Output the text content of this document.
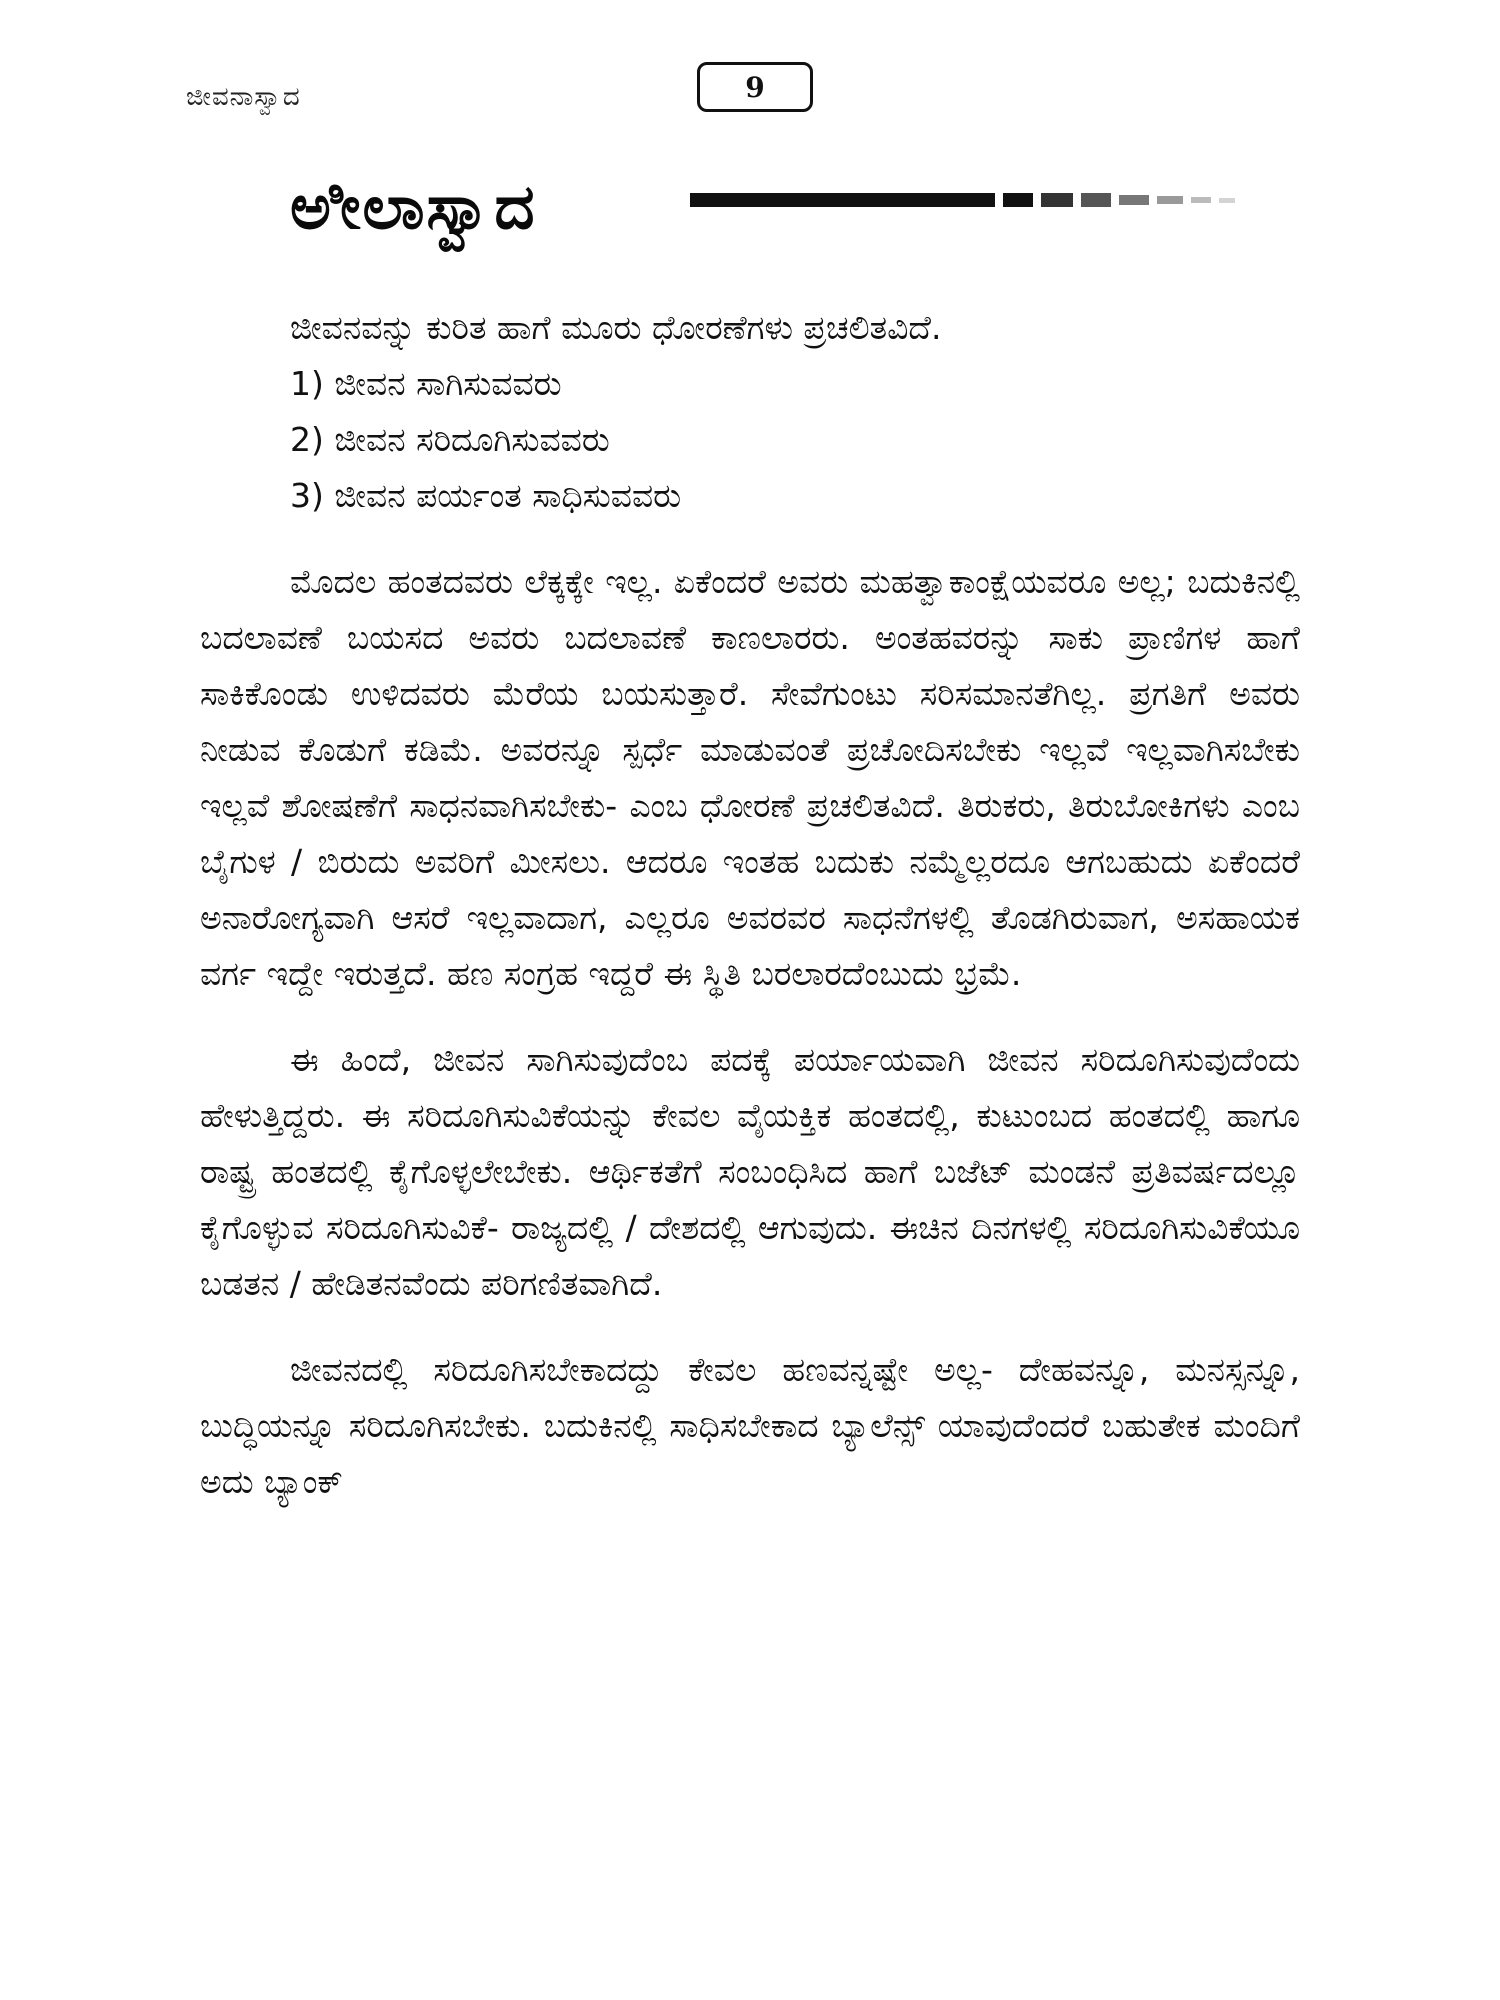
ಜೀವನಾಸ್ವಾದ	9
ಅೀಲಾಸ್ವಾದ

ಜೀವನವನ್ನು ಕುರಿತ ಹಾಗೆ ಮೂರು ಧೋರಣೆಗಳು ಪ್ರಚಲಿತವಿದೆ.

1) ಜೀವನ ಸಾಗಿಸುವವರು
2) ಜೀವನ ಸರಿದೂಗಿಸುವವರು
3) ಜೀವನ ಪರ್ಯಂತ ಸಾಧಿಸುವವರು

ಮೊದಲ ಹಂತದವರು ಲೆಕ್ಕಕ್ಕೇ ಇಲ್ಲ. ಏಕೆಂದರೆ ಅವರು ಮಹತ್ವಾಕಾಂಕ್ಷೆಯವರೂ ಅಲ್ಲ; ಬದುಕಿನಲ್ಲಿ ಬದಲಾವಣೆ ಬಯಸದ ಅವರು ಬದಲಾವಣೆ ಕಾಣಲಾರರು. ಅಂತಹವರನ್ನು ಸಾಕು ಪ್ರಾಣಿಗಳ ಹಾಗೆ ಸಾಕಿಕೊಂಡು ಉಳಿದವರು ಮೆರೆಯ ಬಯಸುತ್ತಾರೆ. ಸೇವೆಗುಂಟು ಸರಿಸಮಾನತೆಗಿಲ್ಲ. ಪ್ರಗತಿಗೆ ಅವರು ನೀಡುವ ಕೊಡುಗೆ ಕಡಿಮೆ. ಅವರನ್ನೂ ಸ್ಪರ್ಧೆ ಮಾಡುವಂತೆ ಪ್ರಚೋದಿಸಬೇಕು ಇಲ್ಲವೆ ಇಲ್ಲವಾಗಿಸಬೇಕು ಇಲ್ಲವೆ ಶೋಷಣೆಗೆ ಸಾಧನವಾಗಿಸಬೇಕು- ಎಂಬ ಧೋರಣೆ ಪ್ರಚಲಿತವಿದೆ. ತಿರುಕರು, ತಿರುಬೋಕಿಗಳು ಎಂಬ ಬೈಗುಳ / ಬಿರುದು ಅವರಿಗೆ ಮೀಸಲು. ಆದರೂ ಇಂತಹ ಬದುಕು ನಮ್ಮೆಲ್ಲರದೂ ಆಗಬಹುದು ಏಕೆಂದರೆ ಅನಾರೋಗ್ಯವಾಗಿ ಆಸರೆ ಇಲ್ಲವಾದಾಗ, ಎಲ್ಲರೂ ಅವರವರ ಸಾಧನೆಗಳಲ್ಲಿ ತೊಡಗಿರುವಾಗ, ಅಸಹಾಯಕ ವರ್ಗ ಇದ್ದೇ ಇರುತ್ತದೆ. ಹಣ ಸಂಗ್ರಹ ಇದ್ದರೆ ಈ ಸ್ಥಿತಿ ಬರಲಾರದೆಂಬುದು ಭ್ರಮೆ.

ಈ ಹಿಂದೆ, ಜೀವನ ಸಾಗಿಸುವುದೆಂಬ ಪದಕ್ಕೆ ಪರ್ಯಾಯವಾಗಿ ಜೀವನ ಸರಿದೂಗಿಸುವುದೆಂದು ಹೇಳುತ್ತಿದ್ದರು. ಈ ಸರಿದೂಗಿಸುವಿಕೆಯನ್ನು ಕೇವಲ ವೈಯಕ್ತಿಕ ಹಂತದಲ್ಲಿ, ಕುಟುಂಬದ ಹಂತದಲ್ಲಿ ಹಾಗೂ ರಾಷ್ಟ್ರ ಹಂತದಲ್ಲಿ ಕೈಗೊಳ್ಳಲೇಬೇಕು. ಆರ್ಥಿಕತೆಗೆ ಸಂಬಂಧಿಸಿದ ಹಾಗೆ ಬಜೆಟ್ ಮಂಡನೆ ಪ್ರತಿವರ್ಷದಲ್ಲೂ ಕೈಗೊಳ್ಳುವ ಸರಿದೂಗಿಸುವಿಕೆ- ರಾಜ್ಯದಲ್ಲಿ / ದೇಶದಲ್ಲಿ ಆಗುವುದು. ಈಚಿನ ದಿನಗಳಲ್ಲಿ ಸರಿದೂಗಿಸುವಿಕೆಯೂ ಬಡತನ / ಹೇಡಿತನವೆಂದು ಪರಿಗಣಿತವಾಗಿದೆ.

ಜೀವನದಲ್ಲಿ ಸರಿದೂಗಿಸಬೇಕಾದದ್ದು ಕೇವಲ ಹಣವನ್ನಷ್ಟೇ ಅಲ್ಲ- ದೇಹವನ್ನೂ, ಮನಸ್ಸನ್ನೂ, ಬುದ್ಧಿಯನ್ನೂ ಸರಿದೂಗಿಸಬೇಕು. ಬದುಕಿನಲ್ಲಿ ಸಾಧಿಸಬೇಕಾದ ಬ್ಯಾಲೆನ್ಸ್ ಯಾವುದೆಂದರೆ ಬಹುತೇಕ ಮಂದಿಗೆ ಅದು ಬ್ಯಾಂಕ್
